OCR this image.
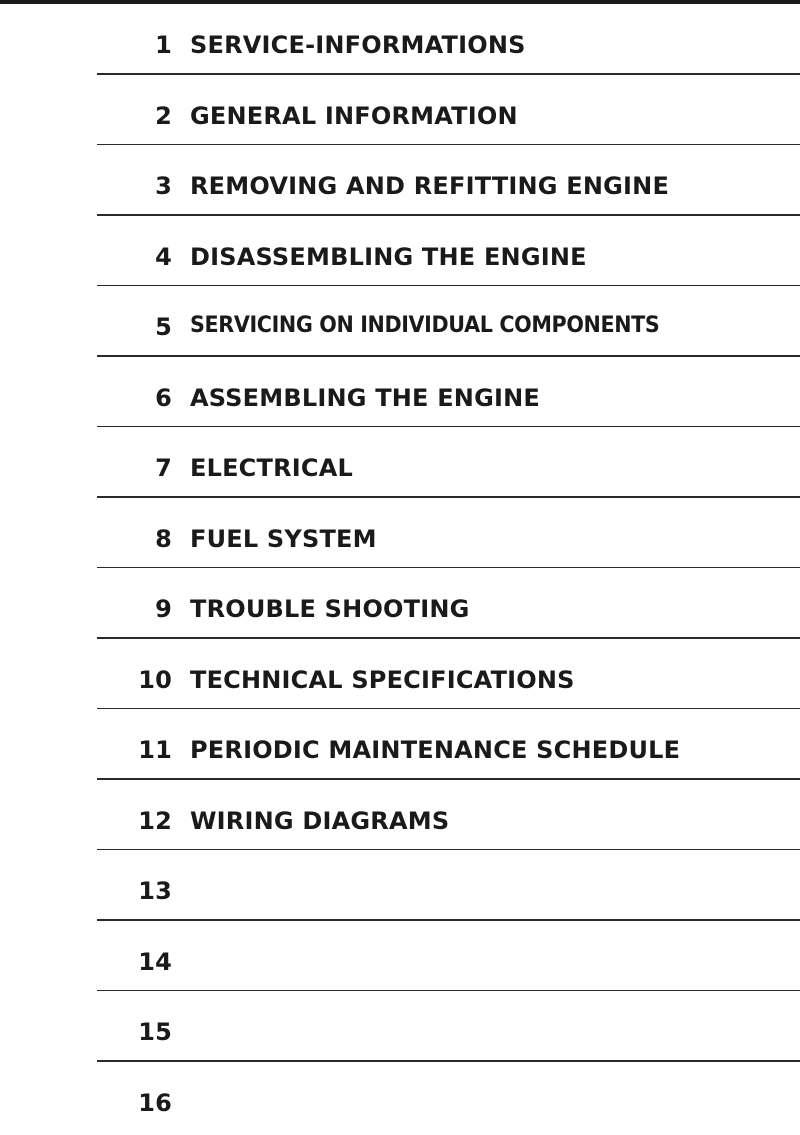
1 SERVICE-INFORMATIONS
2 GENERAL INFORMATION
3 REMOVING AND REFITTING ENGINE
4 DISASSEMBLING THE ENGINE
5 SERVICING ON INDIVIDUAL COMPONENTS
6 ASSEMBLING THE ENGINE
7 ELECTRICAL
8 FUEL SYSTEM
9 TROUBLE SHOOTING
10 TECHNICAL SPECIFICATIONS
11 PERIODIC MAINTENANCE SCHEDULE
12 WIRING DIAGRAMS
13
14
15
16
